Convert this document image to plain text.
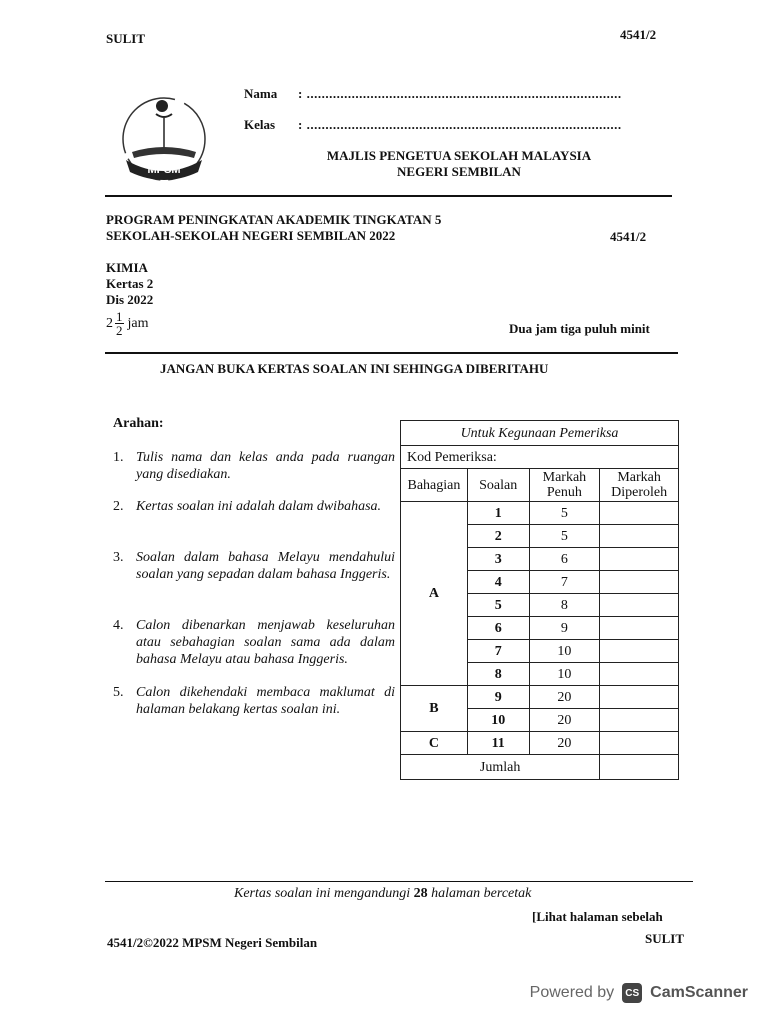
SULIT	4541/2
MPSM
Nama : ....................................................................................
Kelas : ....................................................................................
MAJLIS PENGETUA SEKOLAH MALAYSIA
NEGERI SEMBILAN
PROGRAM PENINGKATAN AKADEMIK TINGKATAN 5
SEKOLAH-SEKOLAH NEGERI SEMBILAN 2022	4541/2
KIMIA
Kertas 2
Dis 2022
$2 \frac{1}{2}$ jam	Dua jam tiga puluh minit
JANGAN BUKA KERTAS SOALAN INI SEHINGGA DIBERITAHU
Arahan:
1. Tulis nama dan kelas anda pada ruangan yang disediakan.
2. Kertas soalan ini adalah dalam dwibahasa.
3. Soalan dalam bahasa Melayu mendahului soalan yang sepadan dalam bahasa Inggeris.
4. Calon dibenarkan menjawab keseluruhan atau sebahagian soalan sama ada dalam bahasa Melayu atau bahasa Inggeris.
5. Calon dikehendaki membaca maklumat di halaman belakang kertas soalan ini.
Untuk Kegunaan Pemeriksa			
Kod Pemeriksa:			
Bahagian	Soalan	Markah Penuh	Markah Diperoleh
A	1	5	
	2	5	
	3	6	
	4	7	
	5	8	
	6	9	
	7	10	
	8	10	
B	9	20	
	10	20	
C	11	20	
Jumlah			
Kertas soalan ini mengandungi 28 halaman bercetak
[Lihat halaman sebelah
SULIT
4541/2©2022 MPSM Negeri Sembilan
Powered by	CS CamScanner
